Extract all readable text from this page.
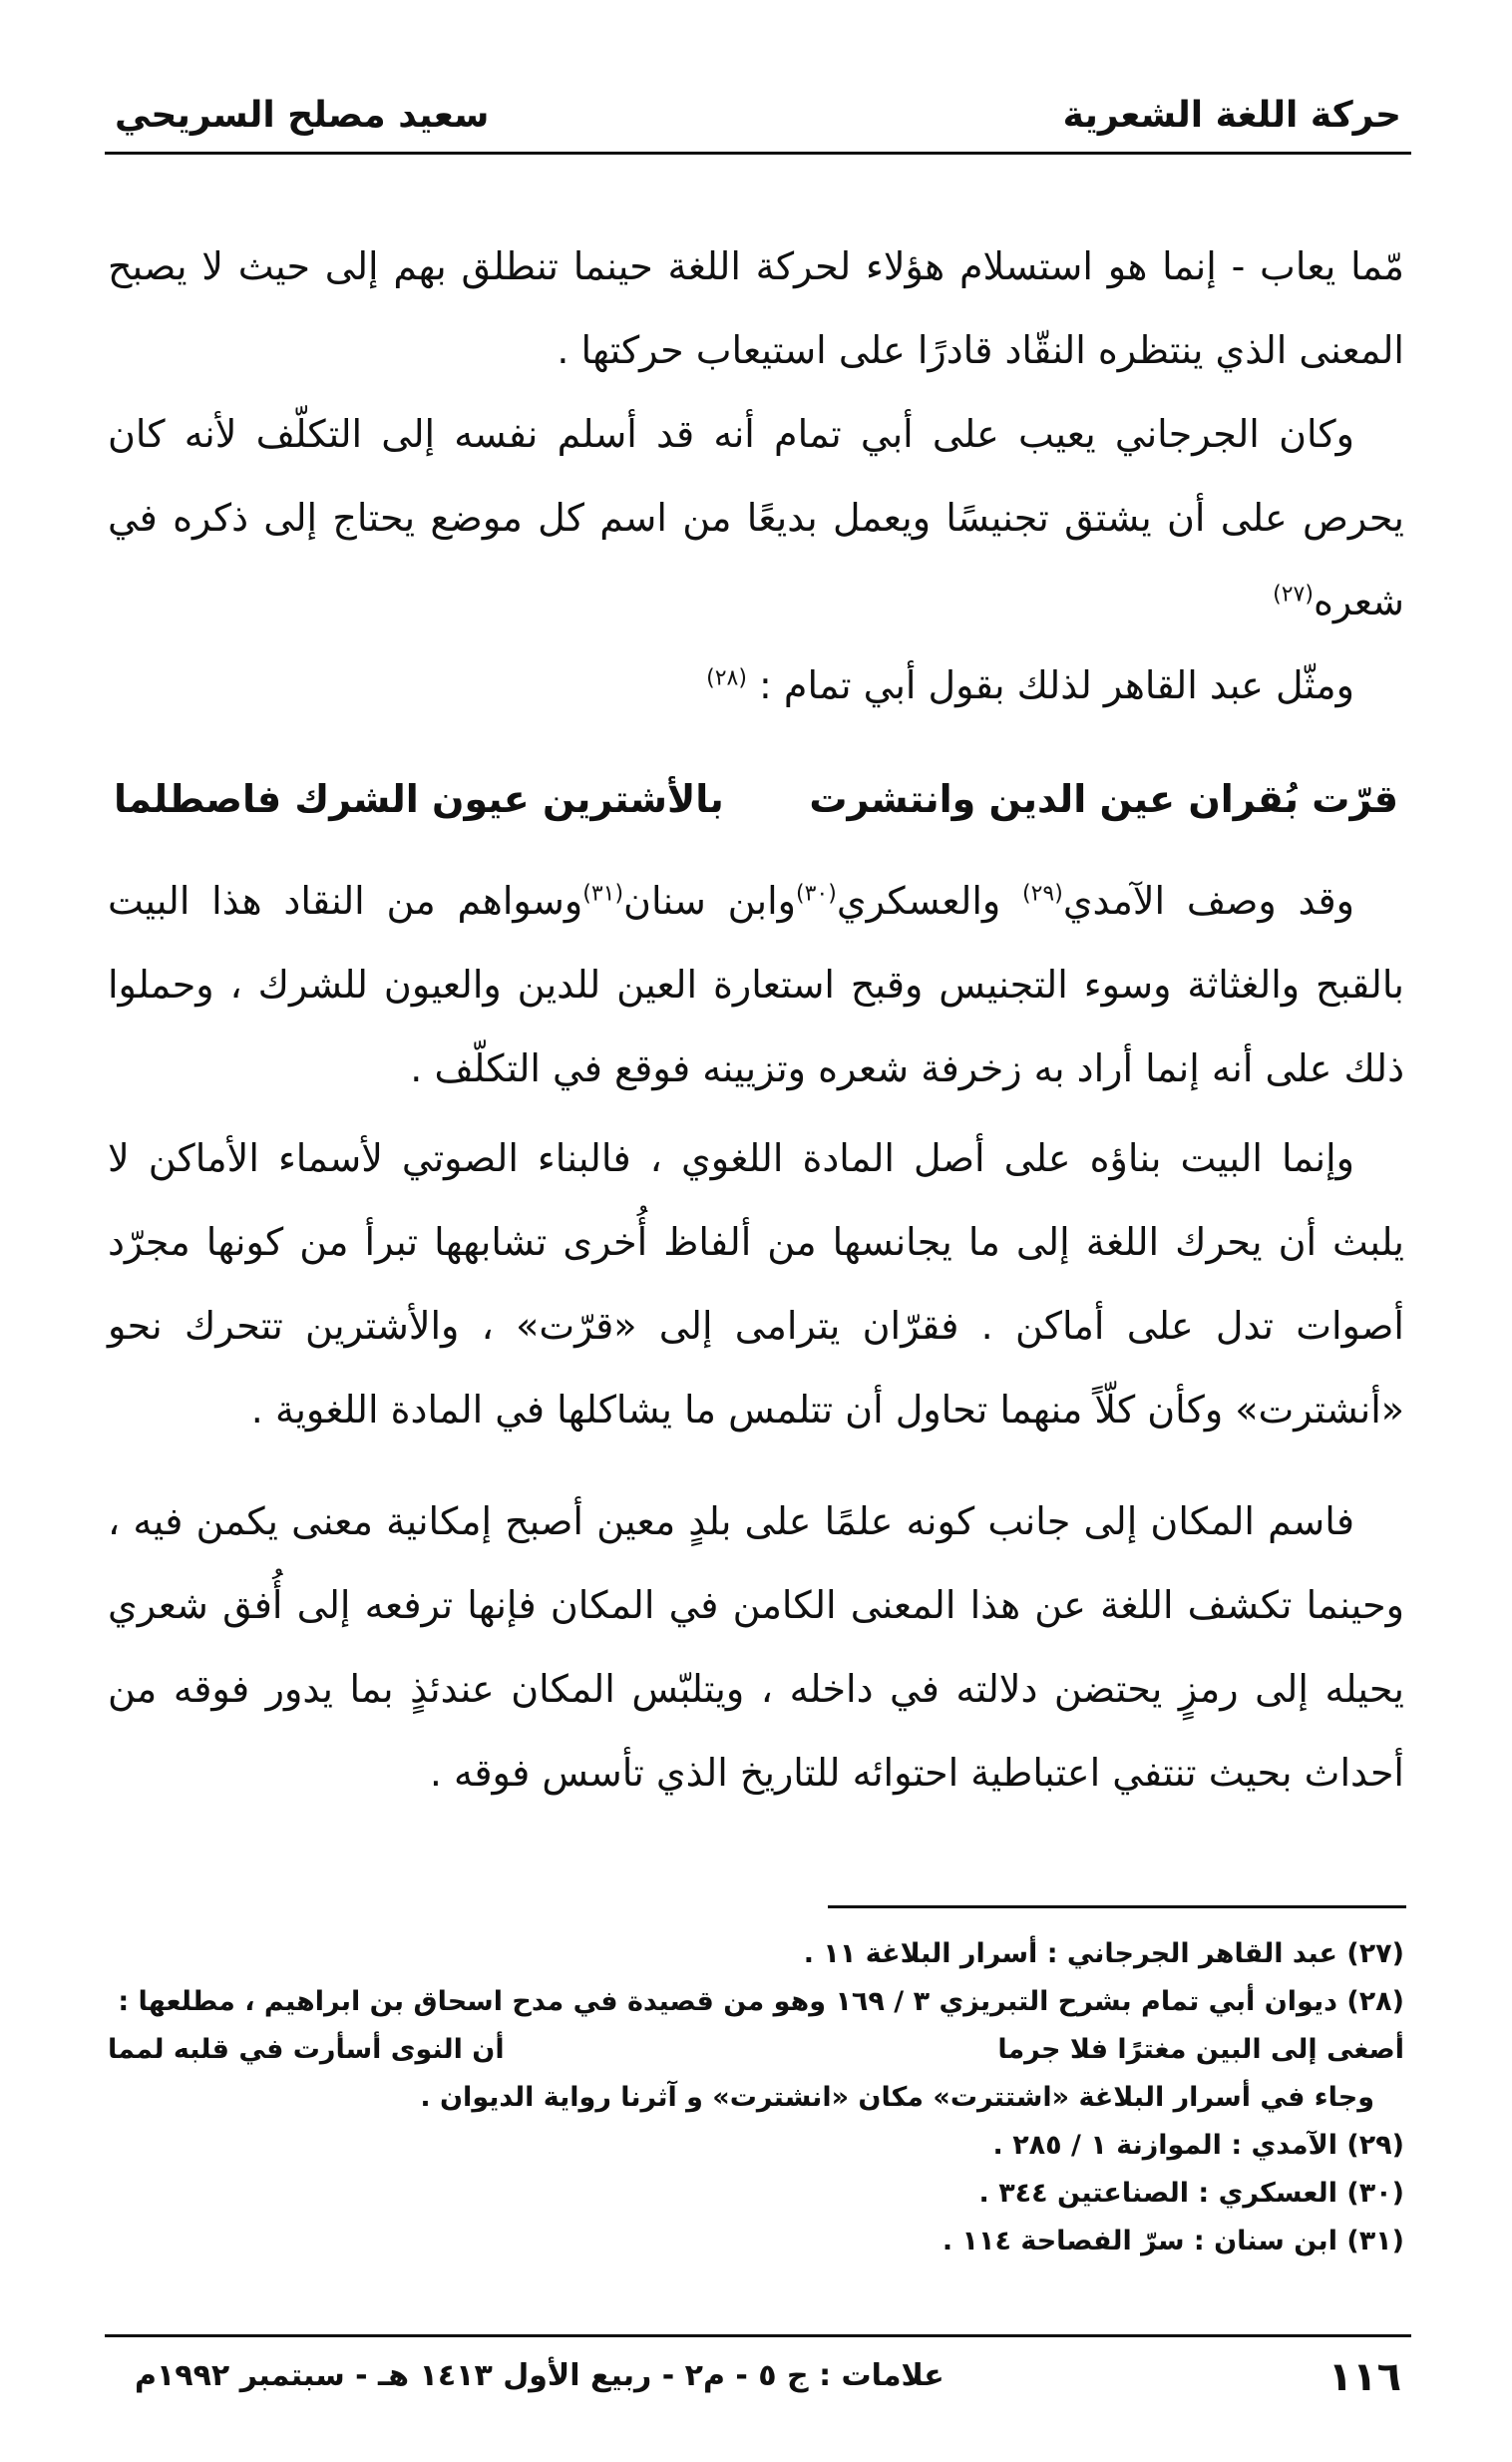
حركة اللغة الشعرية
سعيد مصلح السريحي

مّما يعاب - إنما هو استسلام هؤلاء لحركة اللغة حينما تنطلق بهم إلى حيث لا يصبح المعنى الذي ينتظره النقّاد قادرًا على استيعاب حركتها .

وكان الجرجاني يعيب على أبي تمام أنه قد أسلم نفسه إلى التكلّف لأنه كان يحرص على أن يشتق تجنيسًا ويعمل بديعًا من اسم كل موضع يحتاج إلى ذكره في شعره$^{(٢٧)}$

ومثّل عبد القاهر لذلك بقول أبي تمام : $^{(٢٨)}$

قرّت بُقران عين الدين وانتشرت
بالأشترين عيون الشرك فاصطلما

وقد وصف الآمدي$^{(٢٩)}$ والعسكري$^{(٣٠)}$وابن سنان$^{(٣١)}$وسواهم من النقاد هذا البيت بالقبح والغثاثة وسوء التجنيس وقبح استعارة العين للدين والعيون للشرك ، وحملوا ذلك على أنه إنما أراد به زخرفة شعره وتزيينه فوقع في التكلّف .

وإنما البيت بناؤه على أصل المادة اللغوي ، فالبناء الصوتي لأسماء الأماكن لا يلبث أن يحرك اللغة إلى ما يجانسها من ألفاظ أُخرى تشابهها تبرأ من كونها مجرّد أصوات تدل على أماكن . فقرّان يترامى إلى «قرّت» ، والأشترين تتحرك نحو «أنشترت» وكأن كلّاً منهما تحاول أن تتلمس ما يشاكلها في المادة اللغوية .

فاسم المكان إلى جانب كونه علمًا على بلدٍ معين أصبح إمكانية معنى يكمن فيه ، وحينما تكشف اللغة عن هذا المعنى الكامن في المكان فإنها ترفعه إلى أُفق شعري يحيله إلى رمزٍ يحتضن دلالته في داخله ، ويتلبّس المكان عندئذٍ بما يدور فوقه من أحداث بحيث تنتفي اعتباطية احتوائه للتاريخ الذي تأسس فوقه .

(٢٧) عبد القاهر الجرجاني : أسرار البلاغة ١١ .

(٢٨) ديوان أبي تمام بشرح التبريزي ٣ / ١٦٩ وهو من قصيدة في مدح اسحاق بن ابراهيم ، مطلعها :

أصغى إلى البين مغترًا فلا جرما
أن النوى أسأرت في قلبه لمما

وجاء في أسرار البلاغة «اشتترت» مكان «انشترت» و آثرنا رواية الديوان .

(٢٩) الآمدي : الموازنة ١ / ٢٨٥ .

(٣٠) العسكري : الصناعتين ٣٤٤ .

(٣١) ابن سنان : سرّ الفصاحة ١١٤ .

١١٦
علامات : ج ٥ - م٢ - ربيع الأول ١٤١٣ هـ - سبتمبر ١٩٩٢م
